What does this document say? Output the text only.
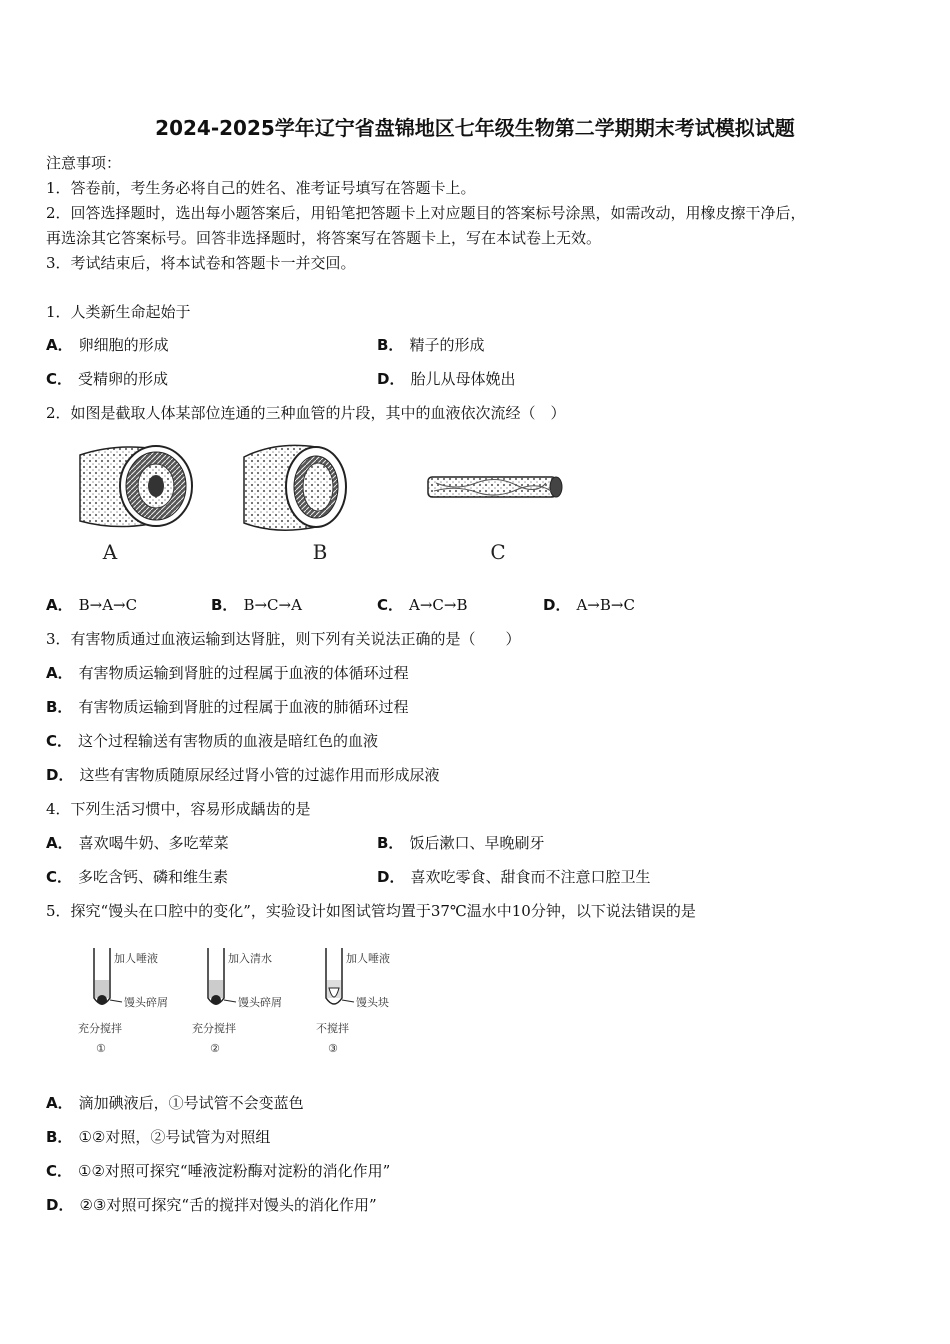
2024-2025学年辽宁省盘锦地区七年级生物第二学期期末考试模拟试题
注意事项：
1．答卷前，考生务必将自己的姓名、准考证号填写在答题卡上。
2．回答选择题时，选出每小题答案后，用铅笔把答题卡上对应题目的答案标号涂黑，如需改动，用橡皮擦干净后，
再选涂其它答案标号。回答非选择题时，将答案写在答题卡上，写在本试卷上无效。
3．考试结束后，将本试卷和答题卡一并交回。
1．人类新生命起始于
A． 卵细胞的形成	B． 精子的形成
C． 受精卵的形成	D． 胎儿从母体娩出
2．如图是截取人体某部位连通的三种血管的片段，其中的血液依次流经（　）
A	B	C
A． B→A→C	B． B→C→A	C． A→C→B	D． A→B→C
3．有害物质通过血液运输到达肾脏，则下列有关说法正确的是（　　）
A． 有害物质运输到肾脏的过程属于血液的体循环过程
B． 有害物质运输到肾脏的过程属于血液的肺循环过程
C． 这个过程输送有害物质的血液是暗红色的血液
D． 这些有害物质随原尿经过肾小管的过滤作用而形成尿液
4．下列生活习惯中，容易形成龋齿的是
A． 喜欢喝牛奶、多吃荤菜	B． 饭后漱口、早晚刷牙
C． 多吃含钙、磷和维生素	D． 喜欢吃零食、甜食而不注意口腔卫生
5．探究“馒头在口腔中的变化”，实验设计如图试管均置于37℃温水中10分钟，以下说法错误的是
加人唾液
馒头碎屑
充分搅拌
①
加入清水
馒头碎屑
充分搅拌
②
加人唾液
馒头块
不搅拌
③
A． 滴加碘液后，①号试管不会变蓝色
B． ①②对照，②号试管为对照组
C． ①②对照可探究“唾液淀粉酶对淀粉的消化作用”
D． ②③对照可探究“舌的搅拌对馒头的消化作用”
